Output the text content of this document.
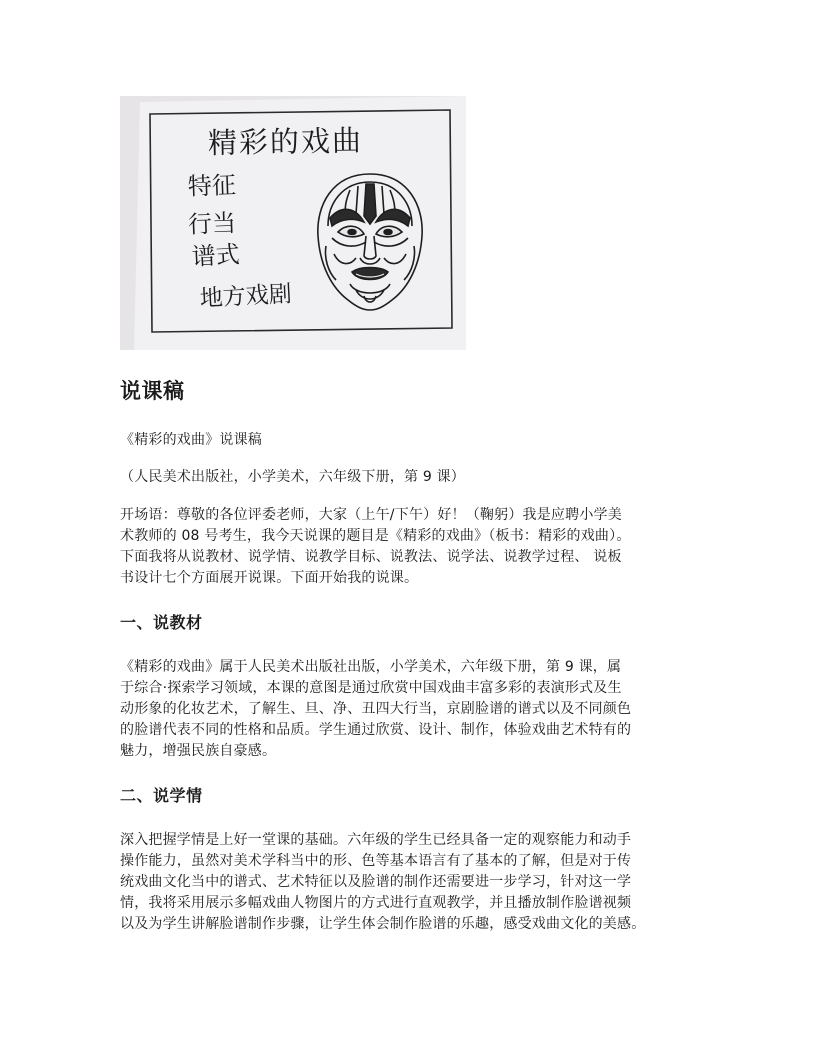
精彩的戏曲
特征
行当
谱式
地方戏剧
说课稿

《精彩的戏曲》说课稿

（人民美术出版社，小学美术，六年级下册，第 9 课）

开场语：尊敬的各位评委老师，大家（上午/下午）好！（鞠躬）我是应聘小学美
术教师的 08 号考生，我今天说课的题目是《精彩的戏曲》（板书：精彩的戏曲）。
下面我将从说教材、说学情、说教学目标、说教法、说学法、说教学过程、 说板
书设计七个方面展开说课。下面开始我的说课。

一、说教材

《精彩的戏曲》属于人民美术出版社出版，小学美术，六年级下册，第 9 课，属
于综合·探索学习领域，本课的意图是通过欣赏中国戏曲丰富多彩的表演形式及生
动形象的化妆艺术，了解生、旦、净、丑四大行当，京剧脸谱的谱式以及不同颜色
的脸谱代表不同的性格和品质。学生通过欣赏、设计、制作，体验戏曲艺术特有的
魅力，增强民族自豪感。

二、说学情

深入把握学情是上好一堂课的基础。六年级的学生已经具备一定的观察能力和动手
操作能力，虽然对美术学科当中的形、色等基本语言有了基本的了解，但是对于传
统戏曲文化当中的谱式、艺术特征以及脸谱的制作还需要进一步学习，针对这一学
情，我将采用展示多幅戏曲人物图片的方式进行直观教学，并且播放制作脸谱视频
以及为学生讲解脸谱制作步骤，让学生体会制作脸谱的乐趣，感受戏曲文化的美感。
